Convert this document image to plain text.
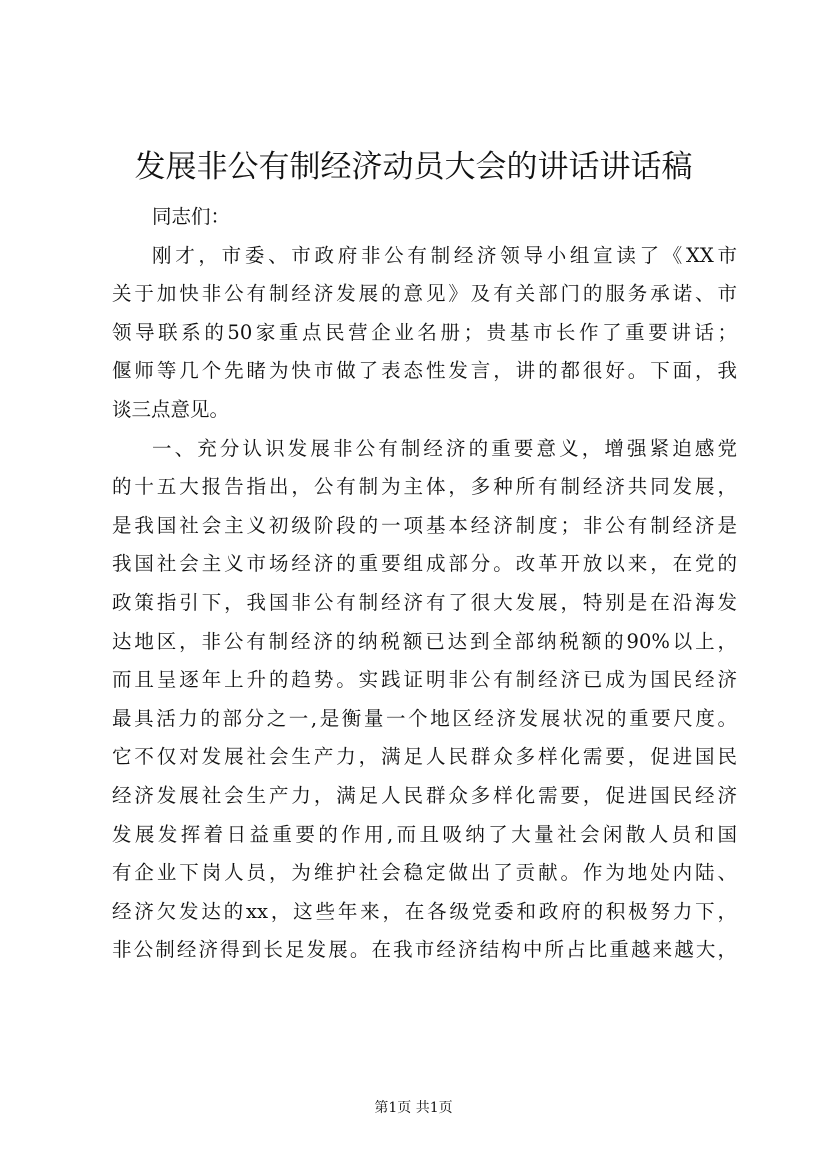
发展非公有制经济动员大会的讲话讲话稿
同志们：
刚才，市委、市政府非公有制经济领导小组宣读了《XX市
关于加快非公有制经济发展的意见》及有关部门的服务承诺、市
领导联系的50家重点民营企业名册；贵基市长作了重要讲话；
偃师等几个先睹为快市做了表态性发言，讲的都很好。下面，我
谈三点意见。
一、充分认识发展非公有制经济的重要意义，增强紧迫感党
的十五大报告指出，公有制为主体，多种所有制经济共同发展，
是我国社会主义初级阶段的一项基本经济制度；非公有制经济是
我国社会主义市场经济的重要组成部分。改革开放以来，在党的
政策指引下，我国非公有制经济有了很大发展，特别是在沿海发
达地区，非公有制经济的纳税额已达到全部纳税额的90%以上，
而且呈逐年上升的趋势。实践证明非公有制经济已成为国民经济
最具活力的部分之一,是衡量一个地区经济发展状况的重要尺度。
它不仅对发展社会生产力，满足人民群众多样化需要，促进国民
经济发展社会生产力，满足人民群众多样化需要，促进国民经济
发展发挥着日益重要的作用,而且吸纳了大量社会闲散人员和国
有企业下岗人员，为维护社会稳定做出了贡献。作为地处内陆、
经济欠发达的xx，这些年来，在各级党委和政府的积极努力下，
非公制经济得到长足发展。在我市经济结构中所占比重越来越大，
第1页 共1页
